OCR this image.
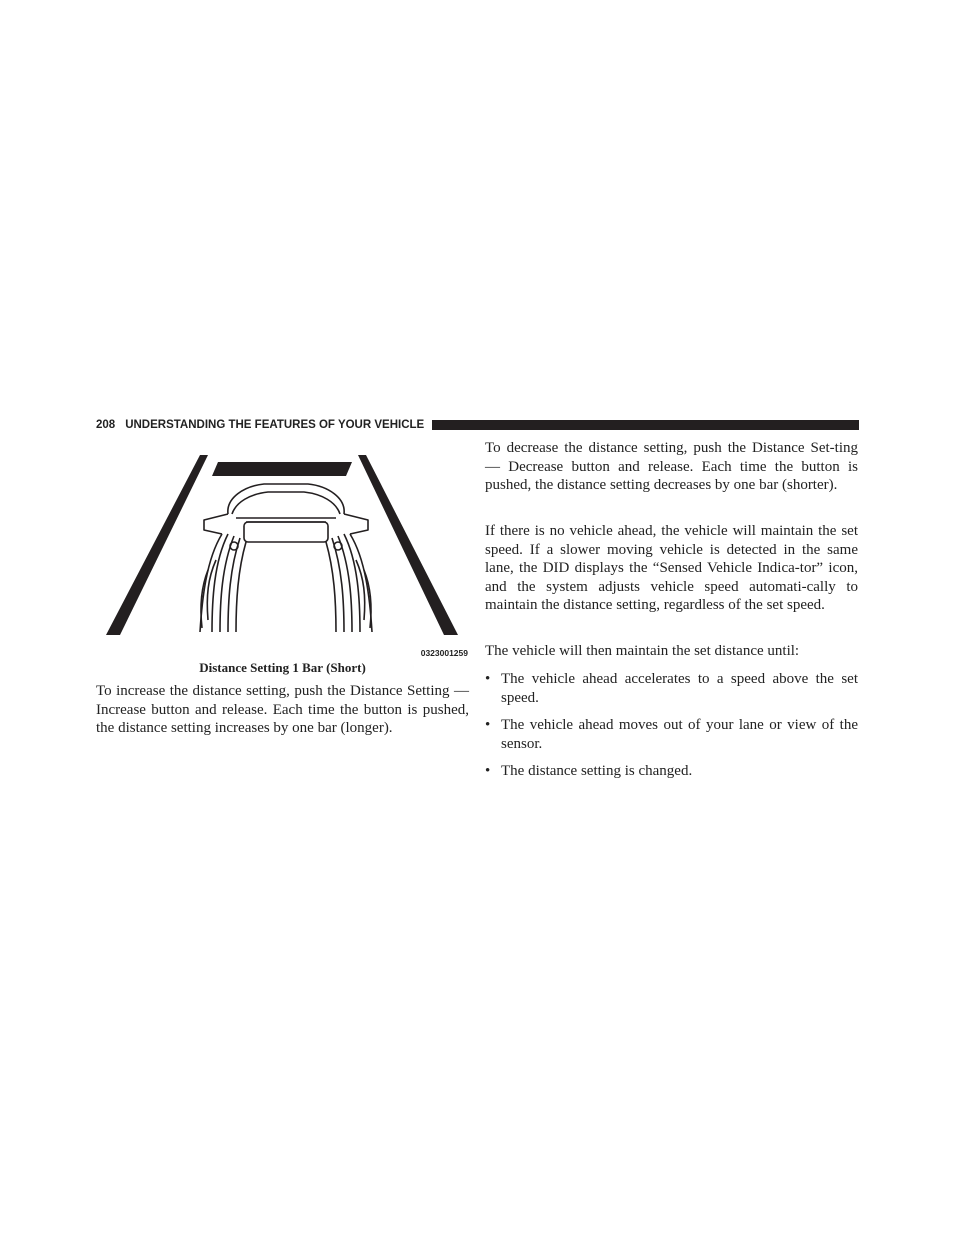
208 UNDERSTANDING THE FEATURES OF YOUR VEHICLE
0323001259
Distance Setting 1 Bar (Short)

To increase the distance setting, push the Distance Setting — Increase button and release. Each time the button is pushed, the distance setting increases by one bar (longer).

To decrease the distance setting, push the Distance Set-ting — Decrease button and release. Each time the button is pushed, the distance setting decreases by one bar (shorter).

If there is no vehicle ahead, the vehicle will maintain the set speed. If a slower moving vehicle is detected in the same lane, the DID displays the “Sensed Vehicle Indica-tor” icon, and the system adjusts vehicle speed automati-cally to maintain the distance setting, regardless of the set speed.

The vehicle will then maintain the set distance until:

• The vehicle ahead accelerates to a speed above the set speed.
• The vehicle ahead moves out of your lane or view of the sensor.
• The distance setting is changed.
